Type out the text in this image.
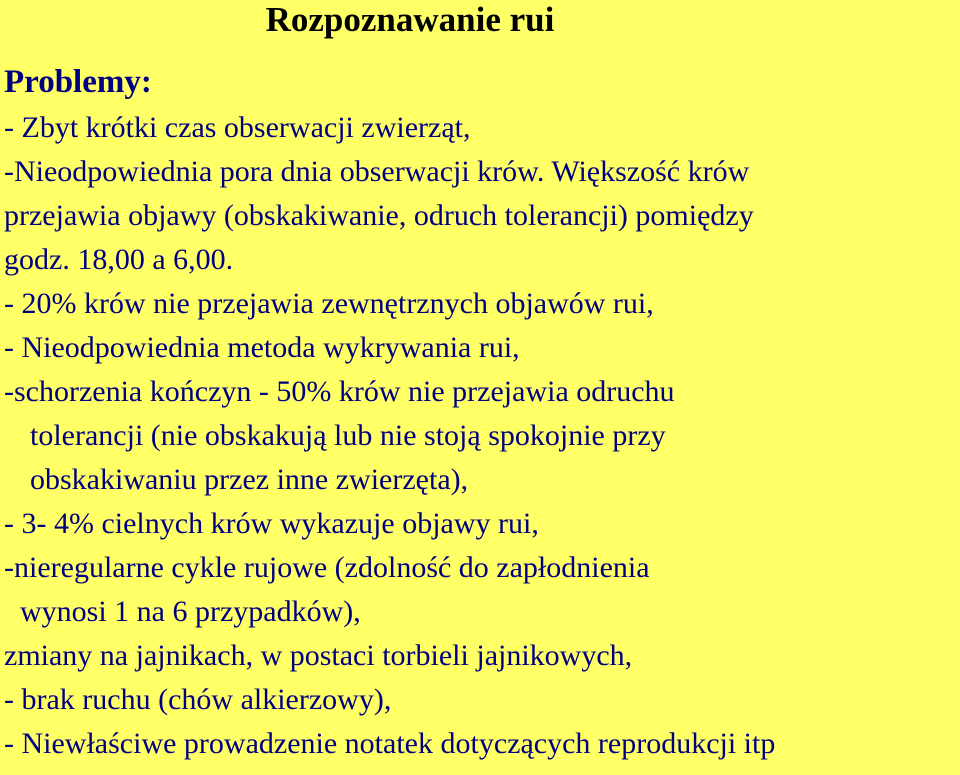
Rozpoznawanie rui
Problemy:
- Zbyt krótki czas obserwacji zwierząt,
-Nieodpowiednia pora dnia obserwacji krów. Większość krów
przejawia objawy (obskakiwanie, odruch tolerancji) pomiędzy
godz. 18,00 a 6,00.
- 20% krów nie przejawia zewnętrznych objawów rui,
- Nieodpowiednia metoda wykrywania rui,
-schorzenia kończyn - 50% krów nie przejawia odruchu
tolerancji (nie obskakują lub nie stoją spokojnie przy
obskakiwaniu przez inne zwierzęta),
- 3- 4% cielnych krów wykazuje objawy rui,
-nieregularne cykle rujowe (zdolność do zapłodnienia
wynosi 1 na 6 przypadków),
zmiany na jajnikach, w postaci torbieli jajnikowych,
- brak ruchu (chów alkierzowy),
- Niewłaściwe prowadzenie notatek dotyczących reprodukcji itp
